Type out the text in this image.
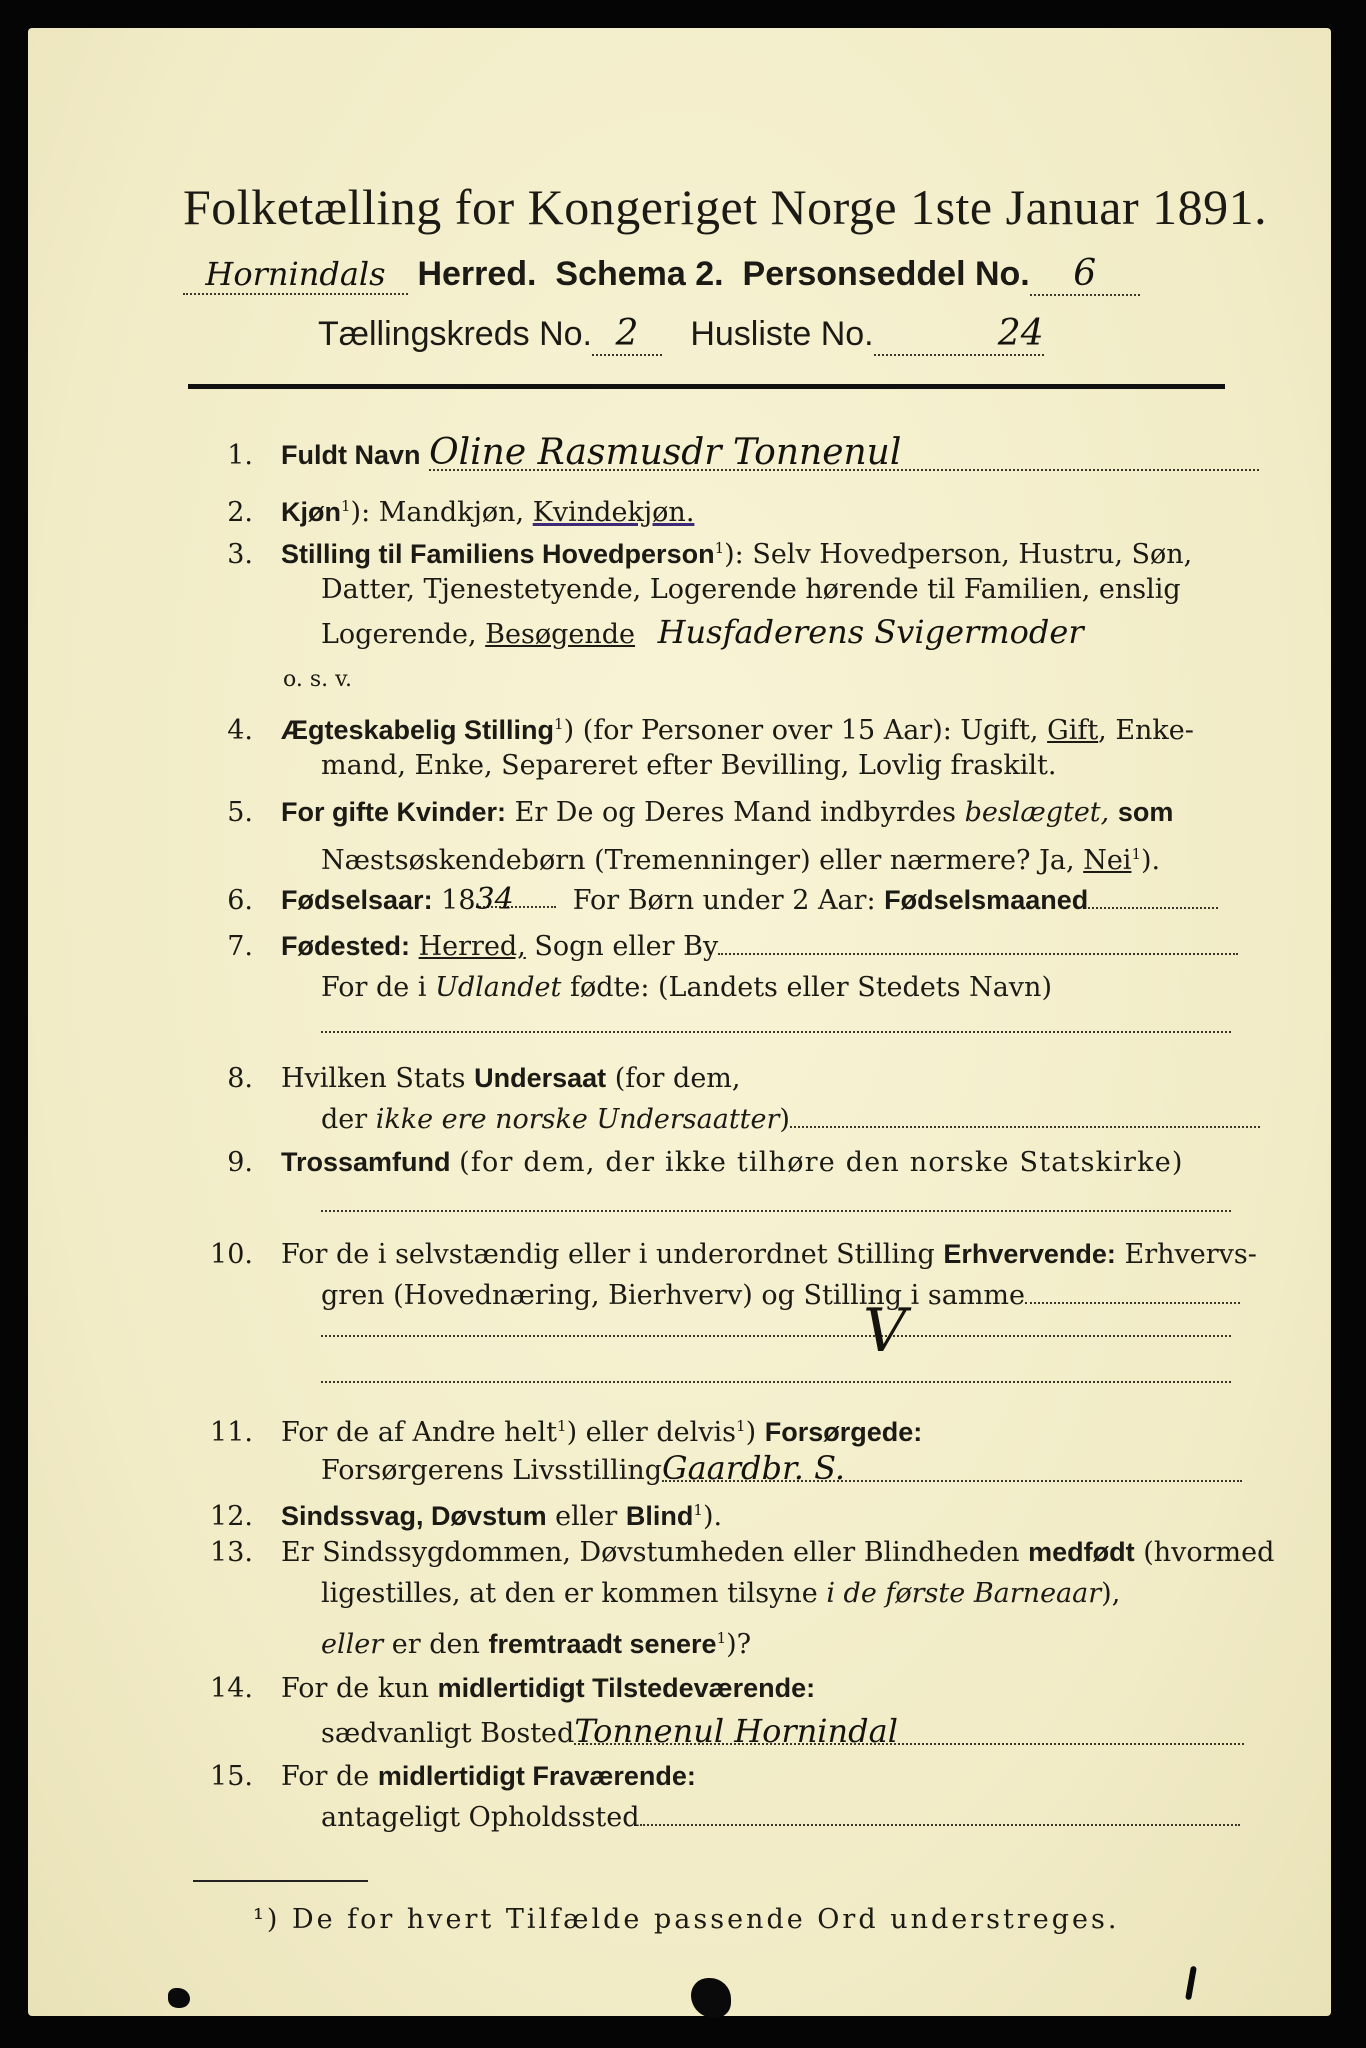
Folketælling for Kongeriget Norge 1ste Januar 1891.
Hornindals Herred. Schema 2. Personseddel No. 6
Tællingskreds No. 2 Husliste No.	24
1. Fuldt Navn Oline Rasmusdr Tonnenul
2. Kjøn$^1$): Mandkjøn, Kvindekjøn.
3. Stilling til Familiens Hovedperson$^1$): Selv Hovedperson, Hustru, Søn,
Datter, Tjenestetyende, Logerende hørende til Familien, enslig
Logerende, Besøgende Husfaderens Svigermoder
o. s. v.
4. Ægteskabelig Stilling$^1$) (for Personer over 15 Aar): Ugift, Gift, Enke-
mand, Enke, Separeret efter Bevilling, Lovlig fraskilt.
5. For gifte Kvinder: Er De og Deres Mand indbyrdes beslægtet, som
Næstsøskendebørn (Tremenninger) eller nærmere? Ja, Nei$^1$).
6. Fødselsaar: 1834 For Børn under 2 Aar: Fødselsmaaned
7. Fødested: Herred, Sogn eller By
For de i Udlandet fødte: (Landets eller Stedets Navn)
8. Hvilken Stats Undersaat (for dem,
der ikke ere norske Undersaatter)
9. Trossamfund (for dem, der ikke tilhøre den norske Statskirke)
10. For de i selvstændig eller i underordnet Stilling Erhvervende: Erhvervs-
gren (Hovednæring, Bierhverv) og Stilling i samme
V
11. For de af Andre helt$^1$) eller delvis$^1$) Forsørgede:
Forsørgerens LivsstillingGaardbr. S.
12. Sindssvag, Døvstum eller Blind$^1$).
13. Er Sindssygdommen, Døvstumheden eller Blindheden medfødt (hvormed
ligestilles, at den er kommen tilsyne i de første Barneaar),
eller er den fremtraadt senere$^1$)?
14. For de kun midlertidigt Tilstedeværende:
sædvanligt BostedTonnenul Hornindal
15. For de midlertidigt Fraværende:
antageligt Opholdssted
¹) De for hvert Tilfælde passende Ord understreges.
